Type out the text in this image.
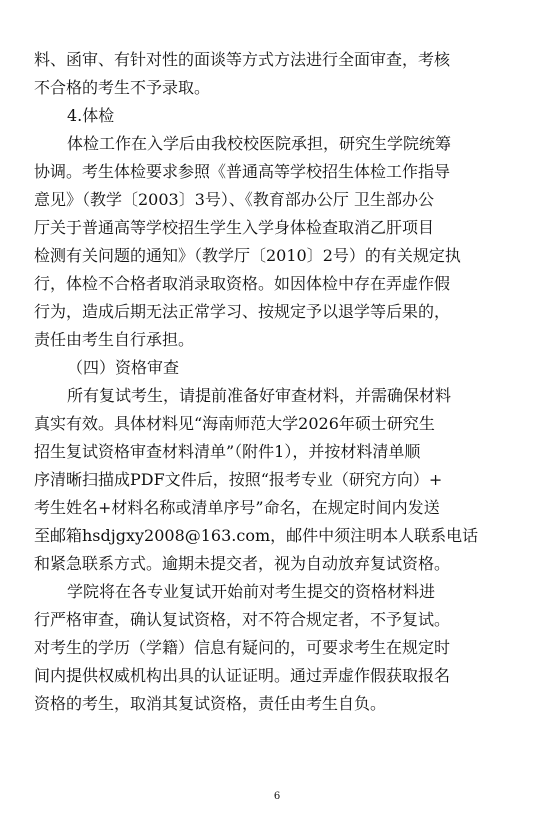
料、函审、有针对性的面谈等方式方法进行全面审查，考核
不合格的考生不予录取。
4.体检
体检工作在入学后由我校校医院承担，研究生学院统筹
协调。考生体检要求参照《普通高等学校招生体检工作指导
意见》（教学〔2003〕3号）、《教育部办公厅 卫生部办公
厅关于普通高等学校招生学生入学身体检查取消乙肝项目
检测有关问题的通知》（教学厅〔2010〕2号）的有关规定执
行，体检不合格者取消录取资格。如因体检中存在弄虚作假
行为，造成后期无法正常学习、按规定予以退学等后果的，
责任由考生自行承担。
（四）资格审查
所有复试考生，请提前准备好审查材料，并需确保材料
真实有效。具体材料见“海南师范大学2026年硕士研究生
招生复试资格审查材料清单”（附件1），并按材料清单顺
序清晰扫描成PDF文件后，按照“报考专业（研究方向）+
考生姓名+材料名称或清单序号”命名，在规定时间内发送
至邮箱hsdjgxy2008@163.com，邮件中须注明本人联系电话
和紧急联系方式。逾期未提交者，视为自动放弃复试资格。
学院将在各专业复试开始前对考生提交的资格材料进
行严格审查，确认复试资格，对不符合规定者，不予复试。
对考生的学历（学籍）信息有疑问的，可要求考生在规定时
间内提供权威机构出具的认证证明。通过弄虚作假获取报名
资格的考生，取消其复试资格，责任由考生自负。
6
